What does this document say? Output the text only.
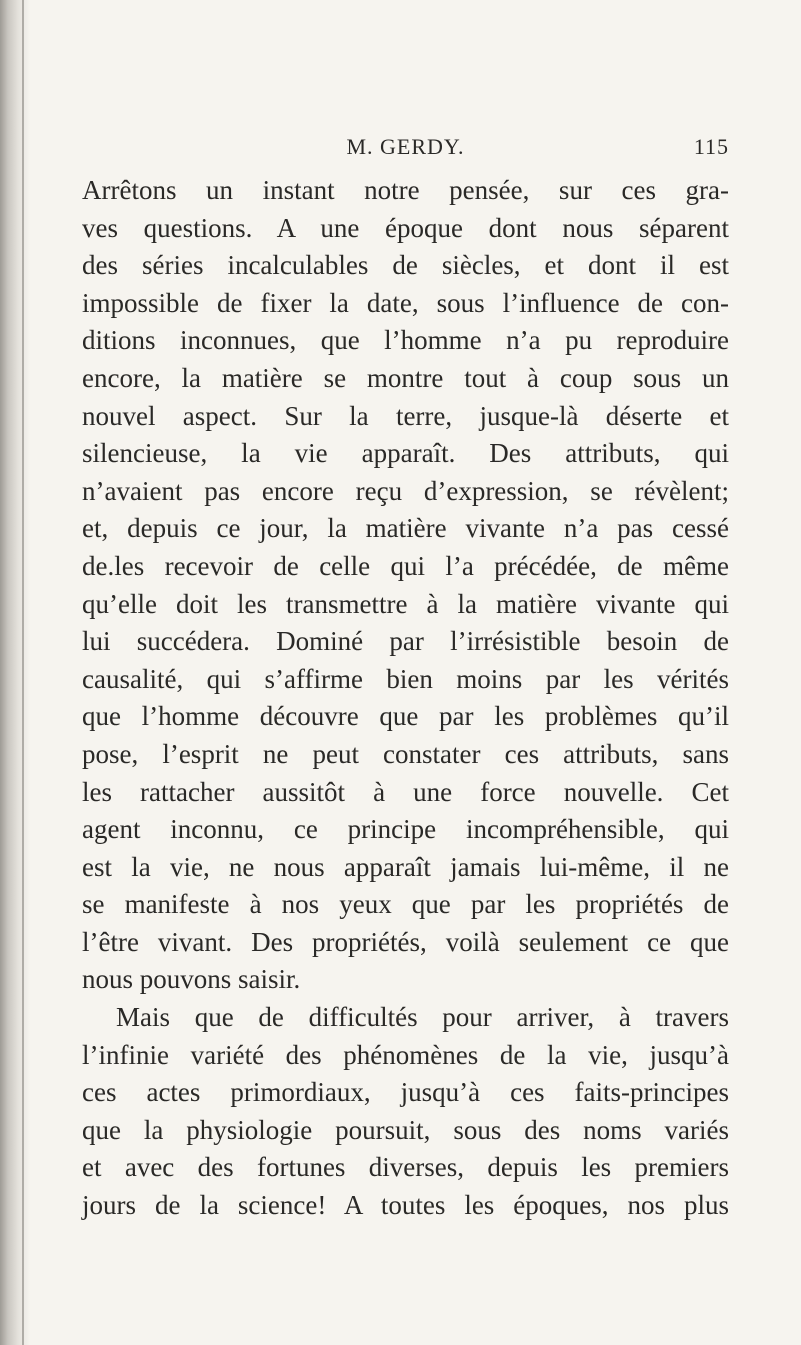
M. GERDY.	115
Arrêtons un instant notre pensée, sur ces gra-
ves questions. A une époque dont nous séparent
des séries incalculables de siècles, et dont il est
impossible de fixer la date, sous l’influence de con-
ditions inconnues, que l’homme n’a pu reproduire
encore, la matière se montre tout à coup sous un
nouvel aspect. Sur la terre, jusque-là déserte et
silencieuse, la vie apparaît. Des attributs, qui
n’avaient pas encore reçu d’expression, se révèlent;
et, depuis ce jour, la matière vivante n’a pas cessé
de.les recevoir de celle qui l’a précédée, de même
qu’elle doit les transmettre à la matière vivante qui
lui succédera. Dominé par l’irrésistible besoin de
causalité, qui s’affirme bien moins par les vérités
que l’homme découvre que par les problèmes qu’il
pose, l’esprit ne peut constater ces attributs, sans
les rattacher aussitôt à une force nouvelle. Cet
agent inconnu, ce principe incompréhensible, qui
est la vie, ne nous apparaît jamais lui-même, il ne
se manifeste à nos yeux que par les propriétés de
l’être vivant. Des propriétés, voilà seulement ce que
nous pouvons saisir.
Mais que de difficultés pour arriver, à travers
l’infinie variété des phénomènes de la vie, jusqu’à
ces actes primordiaux, jusqu’à ces faits-principes
que la physiologie poursuit, sous des noms variés
et avec des fortunes diverses, depuis les premiers
jours de la science! A toutes les époques, nos plus
